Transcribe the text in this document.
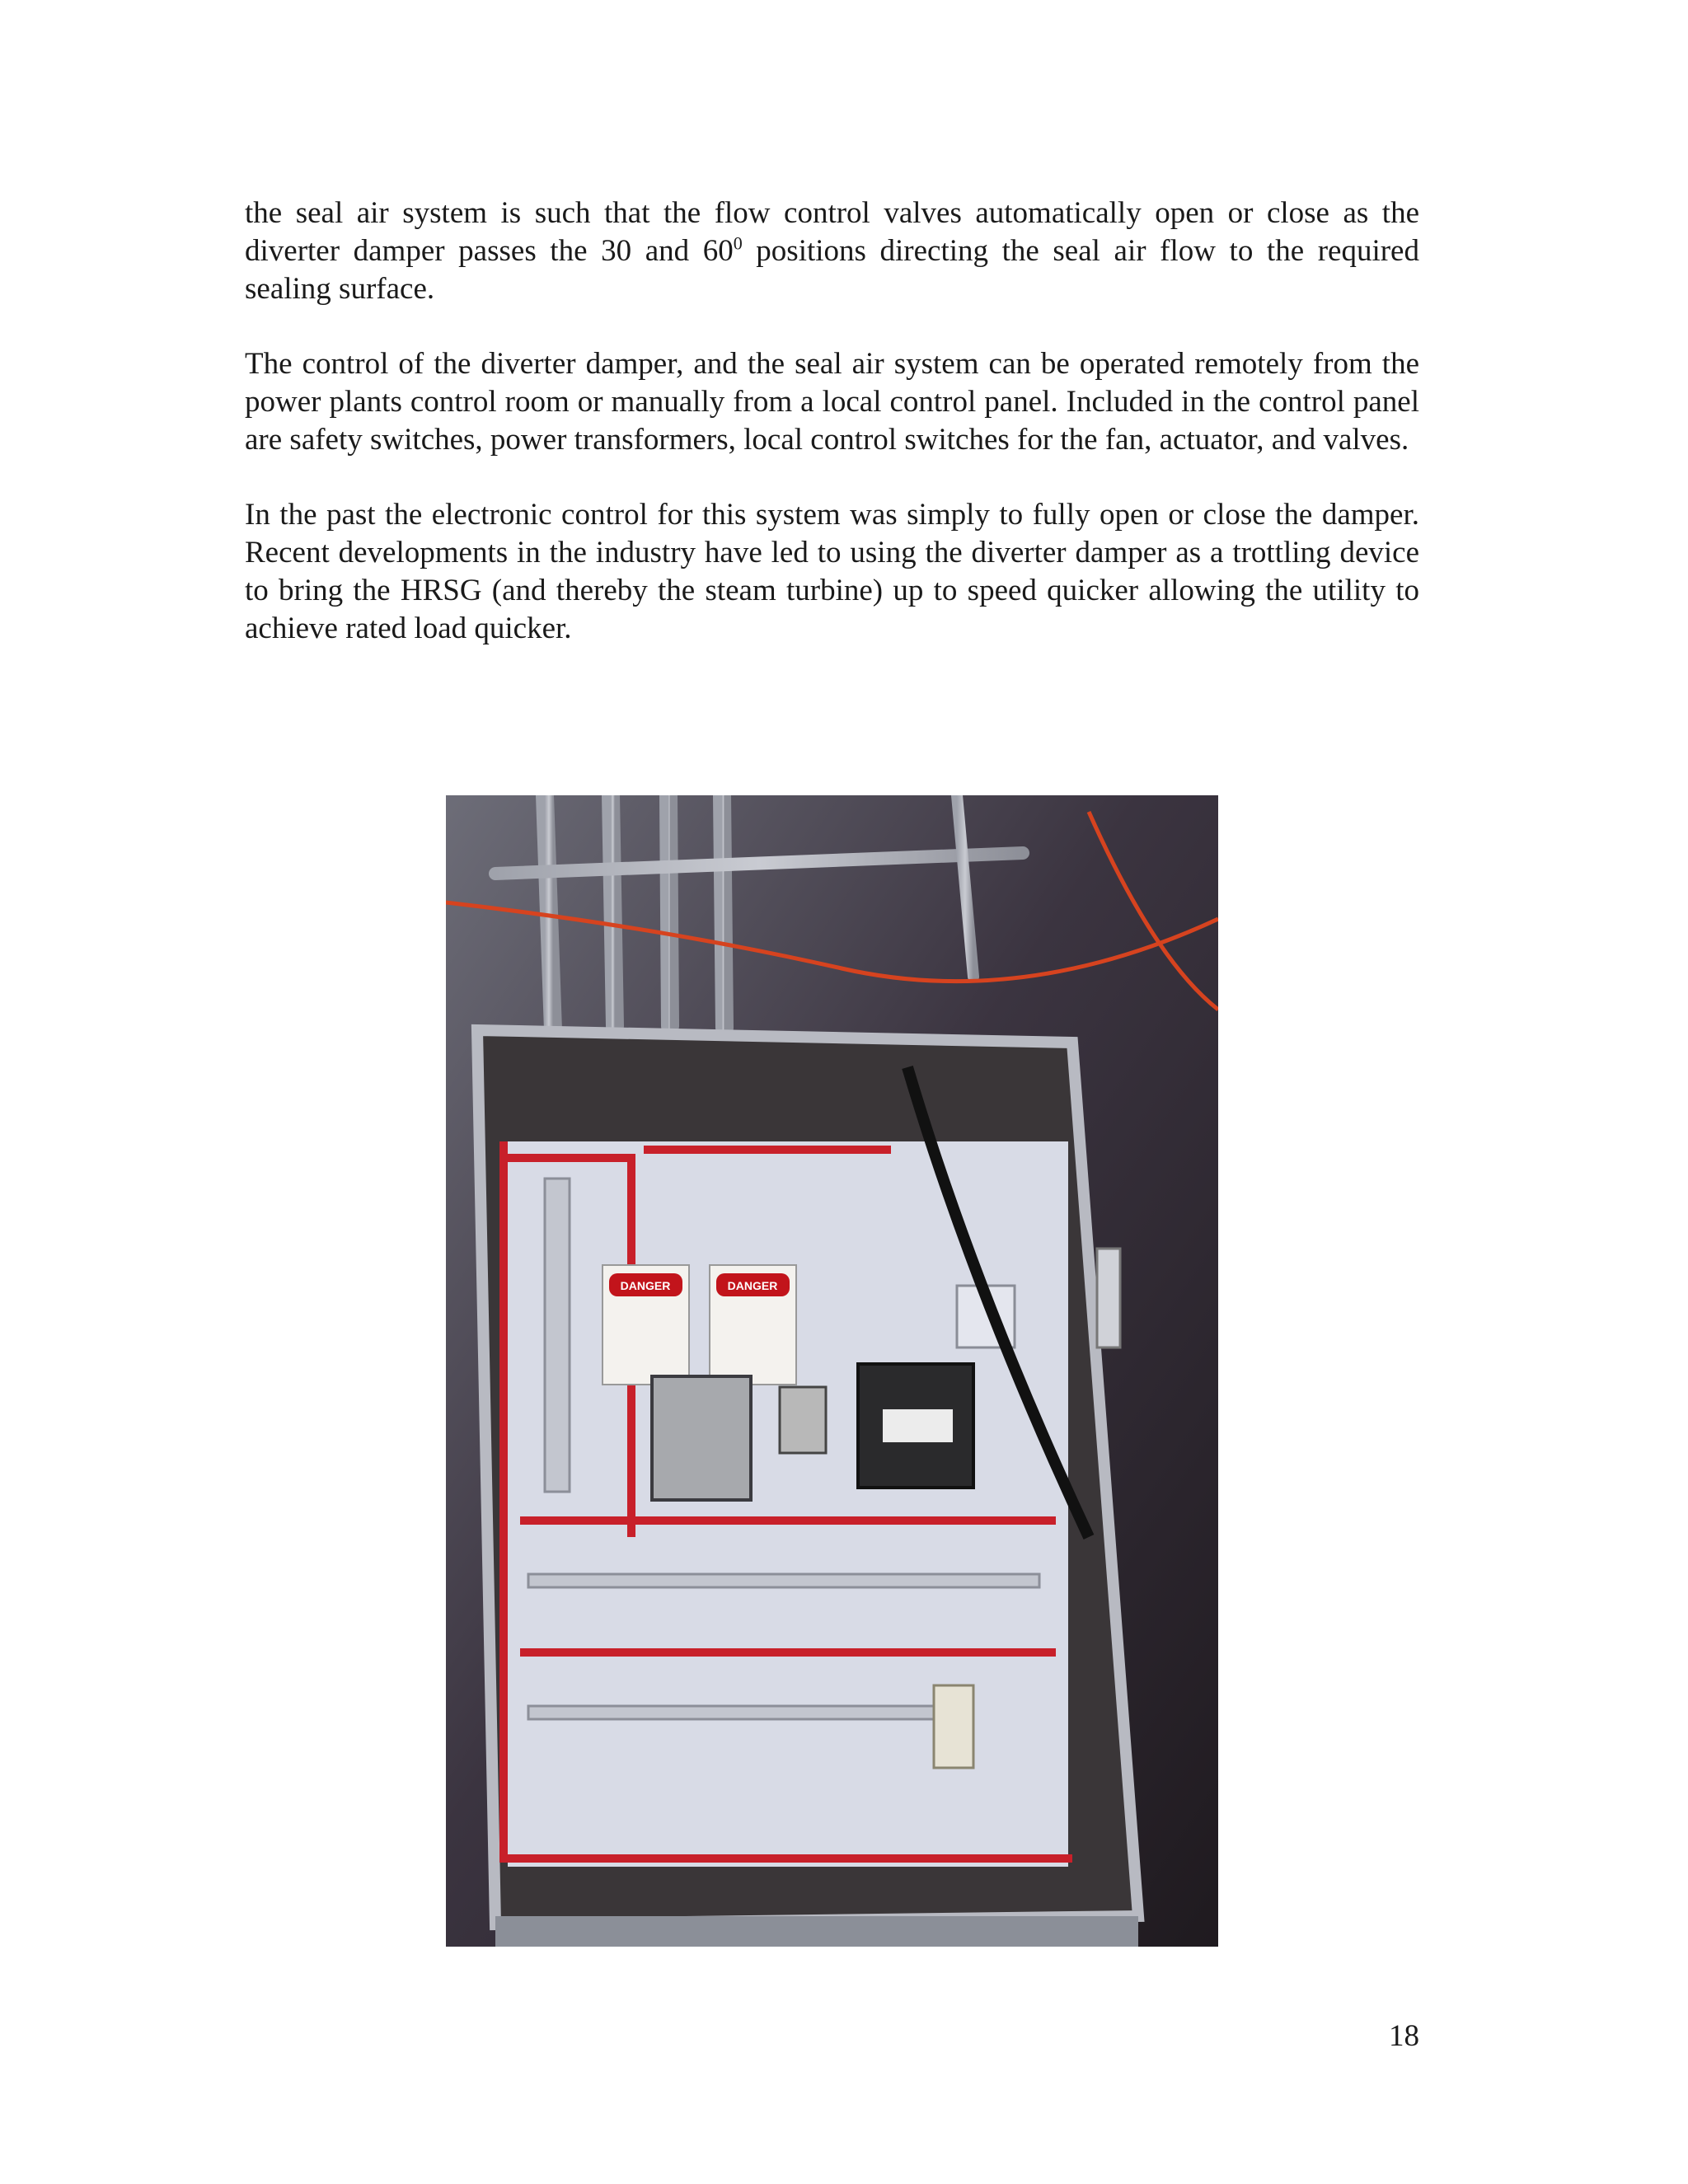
the seal air system is such that the flow control valves automatically open or close as the diverter damper passes the 30 and $60^0$ positions directing the seal air flow to the required sealing surface.

The control of the diverter damper, and the seal air system can be operated remotely from the power plants control room or manually from a local control panel. Included in the control panel are safety switches, power transformers, local control switches for the fan, actuator, and valves.

In the past the electronic control for this system was simply to fully open or close the damper. Recent developments in the industry have led to using the diverter damper as a trottling device to bring the HRSG (and thereby the steam turbine) up to speed quicker allowing the utility to achieve rated load quicker.

DANGER	DANGER
18
